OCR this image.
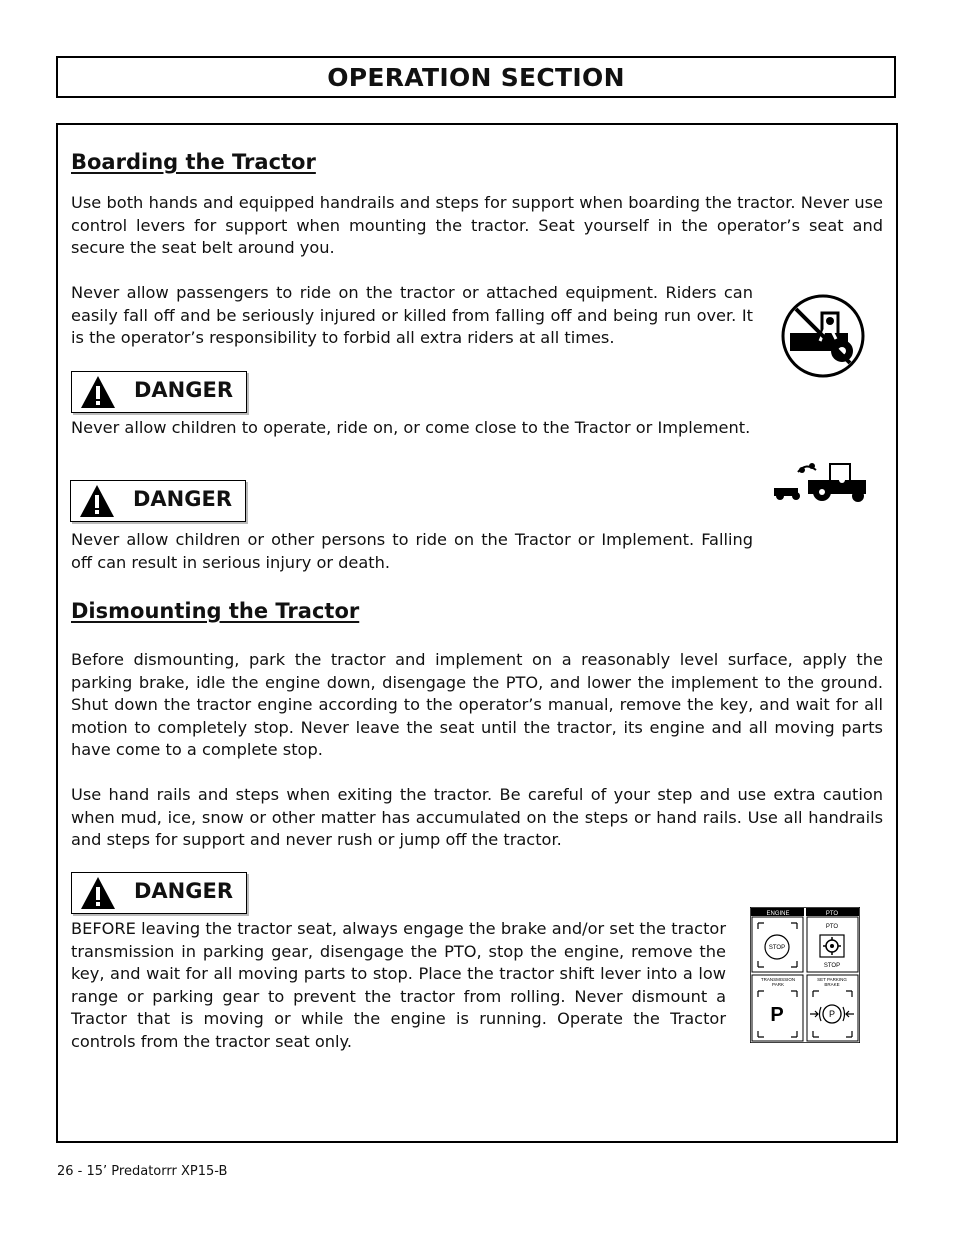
OPERATION SECTION
Boarding the Tractor

Use both hands and equipped handrails and steps for support when boarding the tractor. Never use control levers for support when mounting the tractor. Seat yourself in the operator’s seat and secure the seat belt around you.

Never allow passengers to ride on the tractor or attached equipment. Riders can easily fall off and be seriously injured or killed from falling off and being run over. It is the operator’s responsibility to forbid all extra riders at all times.

DANGER

Never allow children to operate, ride on, or come close to the Tractor or Implement.

DANGER

Never allow children or other persons to ride on the Tractor or Implement. Falling off can result in serious injury or death.

Dismounting the Tractor

Before dismounting, park the tractor and implement on a reasonably level surface, apply the parking brake, idle the engine down, disengage the PTO, and lower the implement to the ground. Shut down the tractor engine according to the operator’s manual, remove the key, and wait for all motion to completely stop. Never leave the seat until the tractor, its engine and all moving parts have come to a complete stop.

Use hand rails and steps when exiting the tractor. Be careful of your step and use extra caution when mud, ice, snow or other matter has accumulated on the steps or hand rails. Use all handrails and steps for support and never rush or jump off the tractor.

DANGER

BEFORE leaving the tractor seat, always engage the brake and/or set the tractor transmission in parking gear, disengage the PTO, stop the engine, remove the key, and wait for all moving parts to stop. Place the tractor shift lever into a low range or parking gear to prevent the tractor from rolling. Never dismount a Tractor that is moving or while the engine is running. Operate the Tractor controls from the tractor seat only.

ENGINE	PTO
STOP
PTO
STOP
TRANSMISSION
PARK
SET PARKING
BRAKE
P	P
26 - 15’ Predatorrr XP15-B
